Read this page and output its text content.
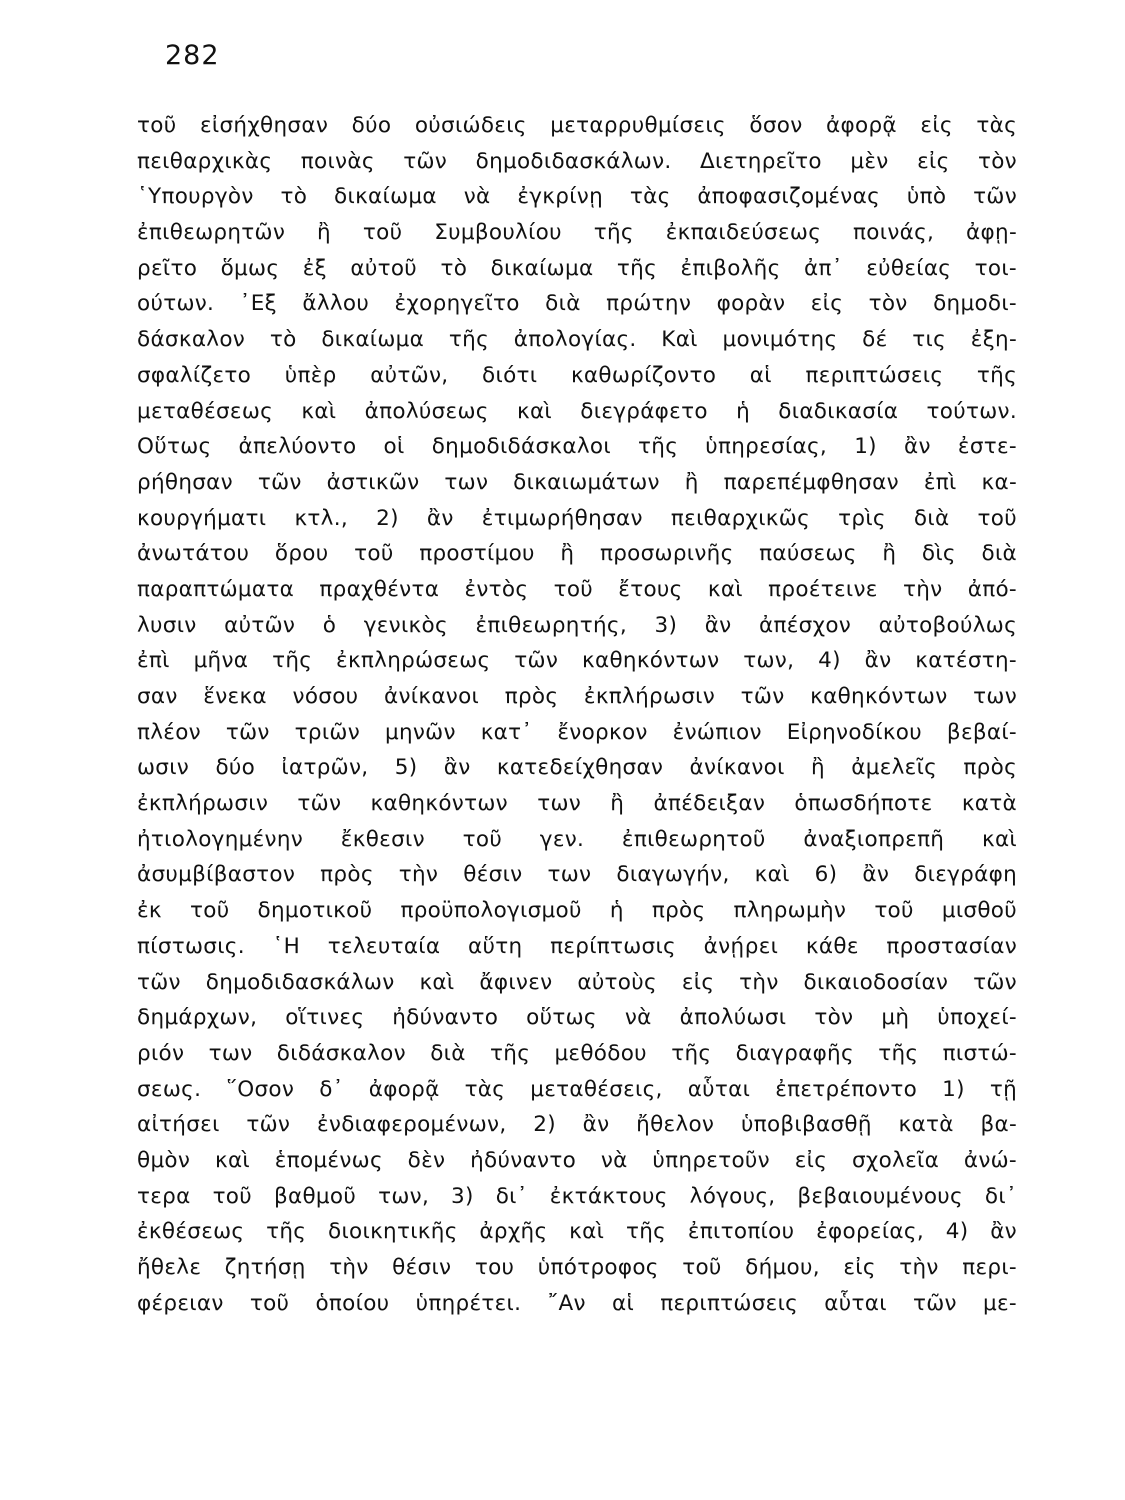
282
τοῦ εἰσήχθησαν δύο οὐσιώδεις μεταρρυθμίσεις ὅσον ἀφορᾷ εἰς τὰς
πειθαρχικὰς ποινὰς τῶν δημοδιδασκάλων. Διετηρεῖτο μὲν εἰς τὸν
῾Υπουργὸν τὸ δικαίωμα νὰ ἐγκρίνῃ τὰς ἀποφασιζομένας ὑπὸ τῶν
ἐπιθεωρητῶν ἢ τοῦ Συμβουλίου τῆς ἐκπαιδεύσεως ποινάς, ἀφῃ-
ρεῖτο ὅμως ἐξ αὐτοῦ τὸ δικαίωμα τῆς ἐπιβολῆς ἀπ᾿ εὐθείας τοι-
ούτων. ᾿Εξ ἄλλου ἐχορηγεῖτο διὰ πρώτην φορὰν εἰς τὸν δημοδι-
δάσκαλον τὸ δικαίωμα τῆς ἀπολογίας. Καὶ μονιμότης δέ τις ἐξη-
σφαλίζετο ὑπὲρ αὐτῶν, διότι καθωρίζοντο αἱ περιπτώσεις τῆς
μεταθέσεως καὶ ἀπολύσεως καὶ διεγράφετο ἡ διαδικασία τούτων.
Οὕτως ἀπελύοντο οἱ δημοδιδάσκαλοι τῆς ὑπηρεσίας, 1) ἂν ἐστε-
ρήθησαν τῶν ἀστικῶν των δικαιωμάτων ἢ παρεπέμφθησαν ἐπὶ κα-
κουργήματι κτλ., 2) ἂν ἐτιμωρήθησαν πειθαρχικῶς τρὶς διὰ τοῦ
ἀνωτάτου ὅρου τοῦ προστίμου ἢ προσωρινῆς παύσεως ἢ δὶς διὰ
παραπτώματα πραχθέντα ἐντὸς τοῦ ἔτους καὶ προέτεινε τὴν ἀπό-
λυσιν αὐτῶν ὁ γενικὸς ἐπιθεωρητής, 3) ἂν ἀπέσχον αὐτοβούλως
ἐπὶ μῆνα τῆς ἐκπληρώσεως τῶν καθηκόντων των, 4) ἂν κατέστη-
σαν ἕνεκα νόσου ἀνίκανοι πρὸς ἐκπλήρωσιν τῶν καθηκόντων των
πλέον τῶν τριῶν μηνῶν κατ᾿ ἔνορκον ἐνώπιον Εἰρηνοδίκου βεβαί-
ωσιν δύο ἰατρῶν, 5) ἂν κατεδείχθησαν ἀνίκανοι ἢ ἀμελεῖς πρὸς
ἐκπλήρωσιν τῶν καθηκόντων των ἢ ἀπέδειξαν ὁπωσδήποτε κατὰ
ἠτιολογημένην ἔκθεσιν τοῦ γεν. ἐπιθεωρητοῦ ἀναξιοπρεπῆ καὶ
ἀσυμβίβαστον πρὸς τὴν θέσιν των διαγωγήν, καὶ 6) ἂν διεγράφη
ἐκ τοῦ δημοτικοῦ προϋπολογισμοῦ ἡ πρὸς πληρωμὴν τοῦ μισθοῦ
πίστωσις. ῾Η τελευταία αὕτη περίπτωσις ἀνῄρει κάθε προστασίαν
τῶν δημοδιδασκάλων καὶ ἄφινεν αὐτοὺς εἰς τὴν δικαιοδοσίαν τῶν
δημάρχων, οἵτινες ἠδύναντο οὕτως νὰ ἀπολύωσι τὸν μὴ ὑποχεί-
ριόν των διδάσκαλον διὰ τῆς μεθόδου τῆς διαγραφῆς τῆς πιστώ-
σεως. ῞Οσον δ᾿ ἀφορᾷ τὰς μεταθέσεις, αὗται ἐπετρέποντο 1) τῇ
αἰτήσει τῶν ἐνδιαφερομένων, 2) ἂν ἤθελον ὑποβιβασθῇ κατὰ βα-
θμὸν καὶ ἑπομένως δὲν ἠδύναντο νὰ ὑπηρετοῦν εἰς σχολεῖα ἀνώ-
τερα τοῦ βαθμοῦ των, 3) δι᾿ ἐκτάκτους λόγους, βεβαιουμένους δι᾿
ἐκθέσεως τῆς διοικητικῆς ἀρχῆς καὶ τῆς ἐπιτοπίου ἐφορείας, 4) ἂν
ἤθελε ζητήσῃ τὴν θέσιν του ὑπότροφος τοῦ δήμου, εἰς τὴν περι-
φέρειαν τοῦ ὁποίου ὑπηρέτει. ῎Αν αἱ περιπτώσεις αὗται τῶν με-
